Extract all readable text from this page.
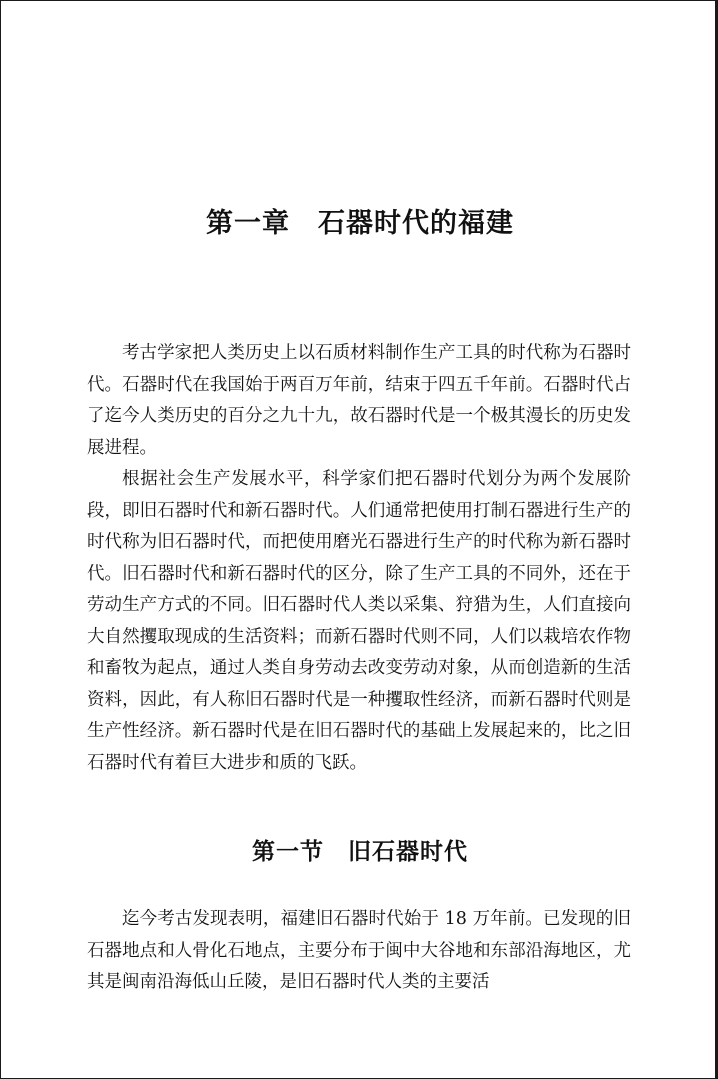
第一章　石器时代的福建

考古学家把人类历史上以石质材料制作生产工具的时代称为石器时代。石器时代在我国始于两百万年前，结束于四五千年前。石器时代占了迄今人类历史的百分之九十九，故石器时代是一个极其漫长的历史发展进程。

根据社会生产发展水平，科学家们把石器时代划分为两个发展阶段，即旧石器时代和新石器时代。人们通常把使用打制石器进行生产的时代称为旧石器时代，而把使用磨光石器进行生产的时代称为新石器时代。旧石器时代和新石器时代的区分，除了生产工具的不同外，还在于劳动生产方式的不同。旧石器时代人类以采集、狩猎为生，人们直接向大自然攫取现成的生活资料；而新石器时代则不同，人们以栽培农作物和畜牧为起点，通过人类自身劳动去改变劳动对象，从而创造新的生活资料，因此，有人称旧石器时代是一种攫取性经济，而新石器时代则是生产性经济。新石器时代是在旧石器时代的基础上发展起来的，比之旧石器时代有着巨大进步和质的飞跃。

第一节　旧石器时代

迄今考古发现表明，福建旧石器时代始于 18 万年前。已发现的旧石器地点和人骨化石地点，主要分布于闽中大谷地和东部沿海地区，尤其是闽南沿海低山丘陵，是旧石器时代人类的主要活
